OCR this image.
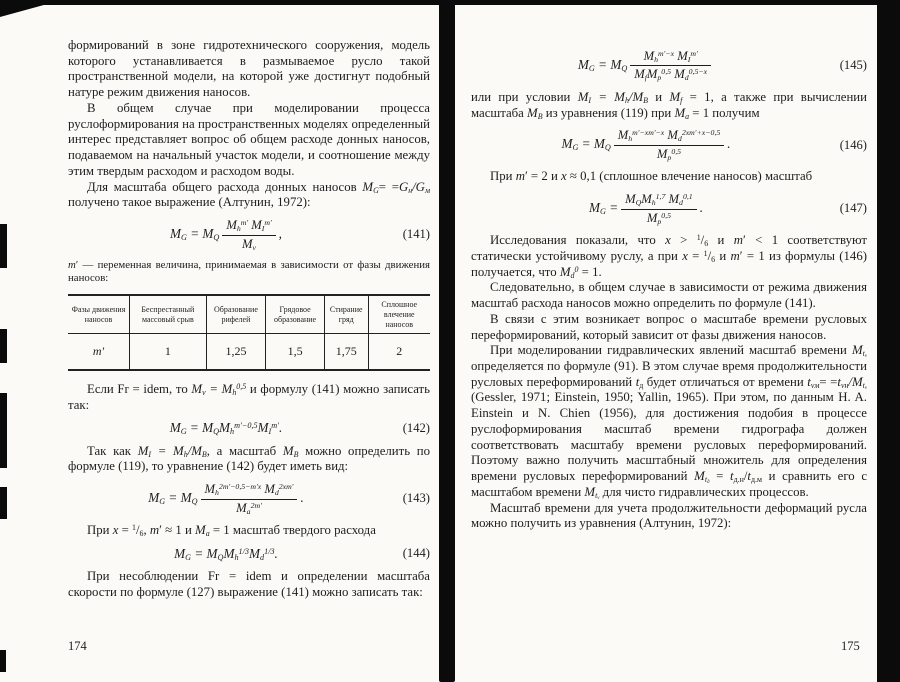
формирований в зоне гидротехнического сооружения, модель которого устанавливается в размываемое русло такой пространственной модели, на которой уже достигнут подобный натуре режим движения наносов.

В общем случае при моделировании процесса руслоформирования на пространственных моделях определенный интерес представляет вопрос об общем расходе донных наносов, подаваемом на начальный участок модели, и соотношение между этим твердым расходом и расходом воды.

Для масштаба общего расхода донных наносов $M_G= =G_н/G_м$ получено такое выражение (Алтунин, 1972):

$M_G = M_Q \frac{M_h^{m'} M_I^{m'}}{M_v}$ ,	(141)

m′ — переменная величина, принимаемая в зависимости от фазы движения наносов:

Фазы движения наносов	Беспрестанный массовый срыв	Образование рифелей	Грядовое образование	Стирание гряд	Сплошное влечение наносов
m′	1	1,25	1,5	1,75	2

Если Fr = idem, то $M_v = M_h^{0,5}$ и формулу (141) можно записать так:

$M_G = M_QM_h^{m'-0,5}M_I^{m'}$.	(142)

Так как $M_I = M_h/M_B$, а масштаб $M_B$ можно определить по формуле (119), то уравнение (142) будет иметь вид:

$M_G = M_Q \frac{M_h^{2m'-0,5-m'x} M_d^{2xm'}}{M_a^{2m'}}$ .	(143)

При $x = ^1/_6$, m′ ≈ 1 и $M_a = 1$ масштаб твердого расхода

$M_G = M_QM_h^{1/3}M_d^{1/3}$.	(144)

При несоблюдении Fr = idem и определении масштаба скорости по формуле (127) выражение (141) можно записать так:

$M_G = M_Q \frac{M_h^{m'-x} M_I^{m'}}{M_fM_p^{0,5} M_d^{0,5-x}}$	(145)

или при условии $M_I = M_h/M_B$ и $M_f = 1$, а также при вычислении масштаба $M_B$ из уравнения (119) при $M_a = 1$ получим

$M_G = M_Q \frac{M_h^{m'-xm'-x} M_d^{2xm'+x-0,5}}{M_p^{0,5}}$ .	(146)

При m′ = 2 и x ≈ 0,1 (сплошное влечение наносов) масштаб

$M_G = \frac{M_QM_h^{1,7} M_d^{0,1}}{M_p^{0,5}}$ .	(147)

Исследования показали, что $x > ^1/_6$ и m′ < 1 соответствуют статически устойчивому руслу, а при $x = ^1/_6$ и m′ = 1 из формулы (146) получается, что $M_d^0 = 1$.

Следовательно, в общем случае в зависимости от режима движения масштаб расхода наносов можно определить по формуле (141).

В связи с этим возникает вопрос о масштабе времени русловых переформирований, который зависит от фазы движения наносов.

При моделировании гидравлических явлений масштаб времени $M_{t_v}$ определяется по формуле (91). В этом случае время продолжительности русловых переформирований $t_д$ будет отличаться от времени $t_{vм}= =t_{vн}/M_{t_v}$ (Gessler, 1971; Einstein, 1950; Yallin, 1965). При этом, по данным H. A. Einstein и N. Chien (1956), для достижения подобия в процессе руслоформирования масштаб времени гидрографа должен соответствовать масштабу времени русловых переформирований. Поэтому важно получить масштабный множитель для определения времени русловых переформирований $M_{t_д} = t_{д.н}/t_{д.м}$ и сравнить его с масштабом времени $M_{t_v}$ для чисто гидравлических процессов.

Масштаб времени для учета продолжительности деформаций русла можно получить из уравнения (Алтунин, 1972):

174	175
